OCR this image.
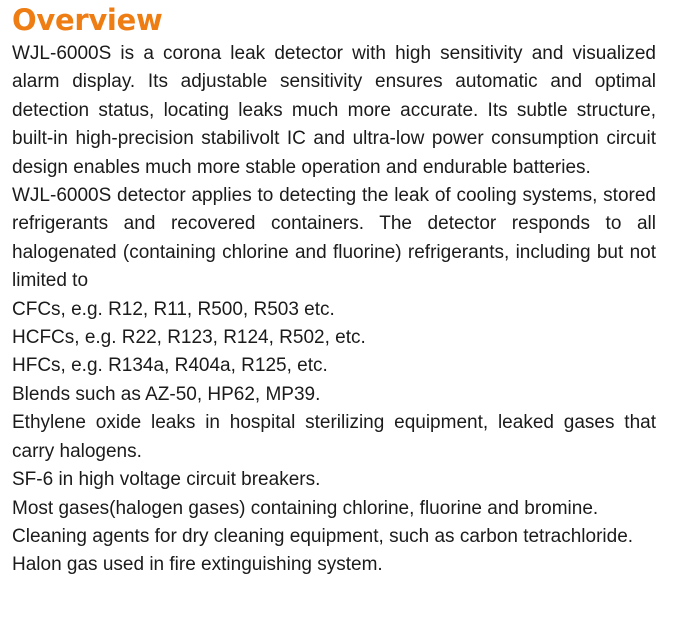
Overview

WJL-6000S is a corona leak detector with high sensitivity and visualized alarm display. Its adjustable sensitivity ensures automatic and optimal detection status, locating leaks much more accurate. Its subtle structure, built-in high-precision stabilivolt IC and ultra-low power consumption circuit design enables much more stable operation and endurable batteries.

WJL-6000S detector applies to detecting the leak of cooling systems, stored refrigerants and recovered containers. The detector responds to all halogenated (containing chlorine and fluorine) refrigerants, including but not limited to

CFCs, e.g. R12, R11, R500, R503 etc.

HCFCs, e.g. R22, R123, R124, R502, etc.

HFCs, e.g. R134a, R404a, R125, etc.

Blends such as AZ-50, HP62, MP39.

Ethylene oxide leaks in hospital sterilizing equipment, leaked gases that carry halogens.

SF-6 in high voltage circuit breakers.

Most gases(halogen gases) containing chlorine, fluorine and bromine.

Cleaning agents for dry cleaning equipment, such as carbon tetrachloride.

Halon gas used in fire extinguishing system.
